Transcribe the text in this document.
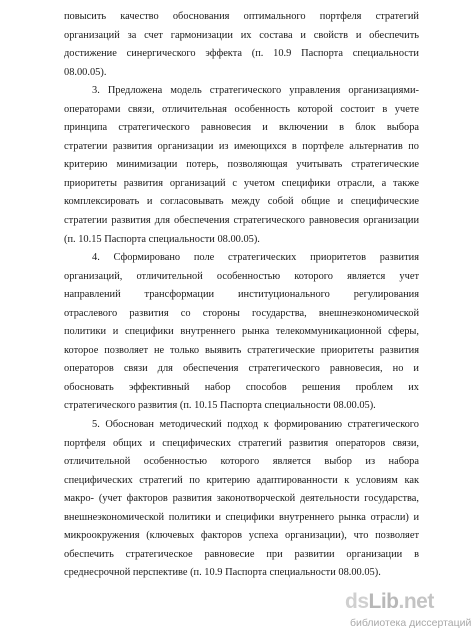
повысить качество обоснования оптимального портфеля стратегий
организаций за счет гармонизации их состава и свойств и обеспечить
достижение синергического эффекта (п. 10.9 Паспорта специальности
08.00.05).

3. Предложена модель стратегического управления организациями-
операторами связи, отличительная особенность которой состоит в учете
принципа стратегического равновесия и включении в блок выбора
стратегии развития организации из имеющихся в портфеле альтернатив по
критерию минимизации потерь, позволяющая учитывать стратегические
приоритеты развития организаций с учетом специфики отрасли, а также
комплексировать и согласовывать между собой общие и специфические
стратегии развития для обеспечения стратегического равновесия организации
(п. 10.15 Паспорта специальности 08.00.05).

4. Сформировано поле стратегических приоритетов развития
организаций, отличительной особенностью которого является учет
направлений трансформации институционального регулирования
отраслевого развития со стороны государства, внешнеэкономической
политики и специфики внутреннего рынка телекоммуникационной сферы,
которое позволяет не только выявить стратегические приоритеты развития
операторов связи для обеспечения стратегического равновесия, но и
обосновать эффективный набор способов решения проблем их
стратегического развития (п. 10.15 Паспорта специальности 08.00.05).

5. Обоснован методический подход к формированию стратегического
портфеля общих и специфических стратегий развития операторов связи,
отличительной особенностью которого является выбор из набора
специфических стратегий по критерию адаптированности к условиям как
макро- (учет факторов развития законотворческой деятельности государства,
внешнеэкономической политики и специфики внутреннего рынка отрасли) и
микроокружения (ключевых факторов успеха организации), что позволяет
обеспечить стратегическое равновесие при развитии организации в
среднесрочной перспективе (п. 10.9 Паспорта специальности 08.00.05).

dsLib.net
библиотека диссертаций
